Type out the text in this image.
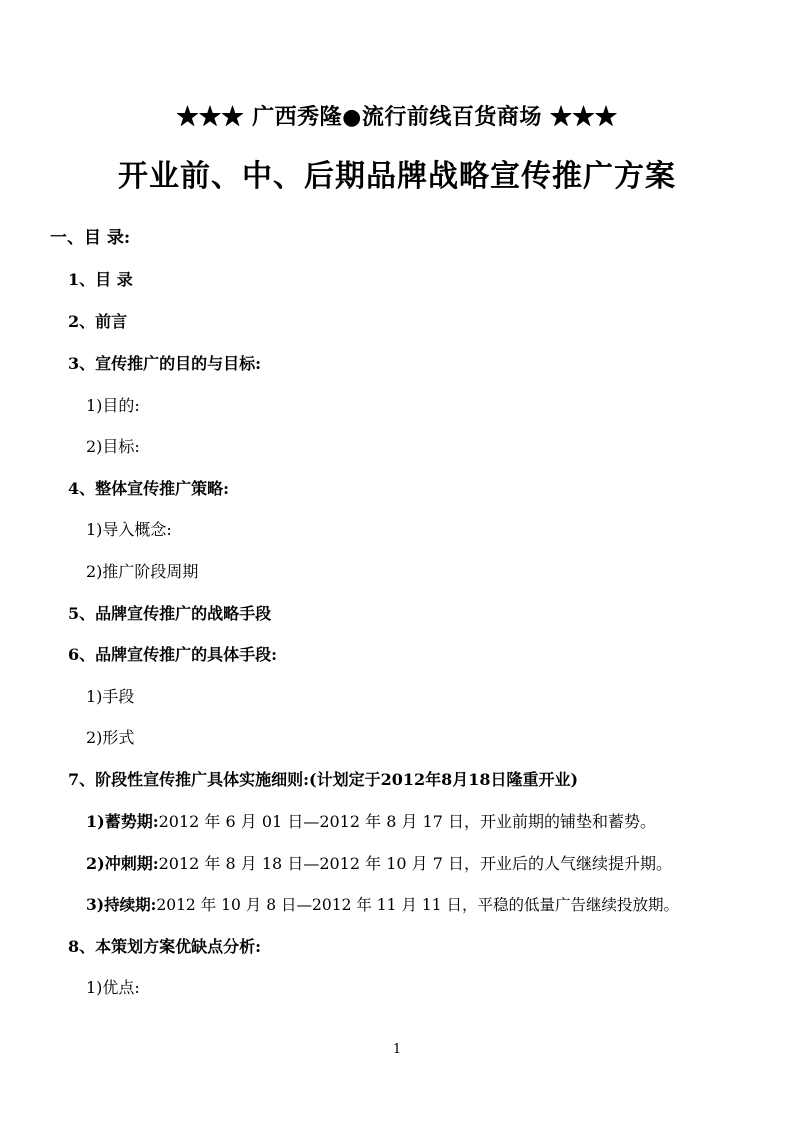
★★★ 广西秀隆●流行前线百货商场 ★★★
开业前、中、后期品牌战略宣传推广方案
一、目 录:
1、目 录
2、前言
3、宣传推广的目的与目标:
1)目的:
2)目标:
4、整体宣传推广策略:
1)导入概念:
2)推广阶段周期
5、品牌宣传推广的战略手段
6、品牌宣传推广的具体手段:
1)手段
2)形式
7、阶段性宣传推广具体实施细则:(计划定于2012年8月18日隆重开业)
1)蓄势期:2012 年 6 月 01 日—2012 年 8 月 17 日，开业前期的铺垫和蓄势。
2)冲刺期:2012 年 8 月 18 日—2012 年 10 月 7 日，开业后的人气继续提升期。
3)持续期:2012 年 10 月 8 日—2012 年 11 月 11 日，平稳的低量广告继续投放期。
8、本策划方案优缺点分析:
1)优点:
1
